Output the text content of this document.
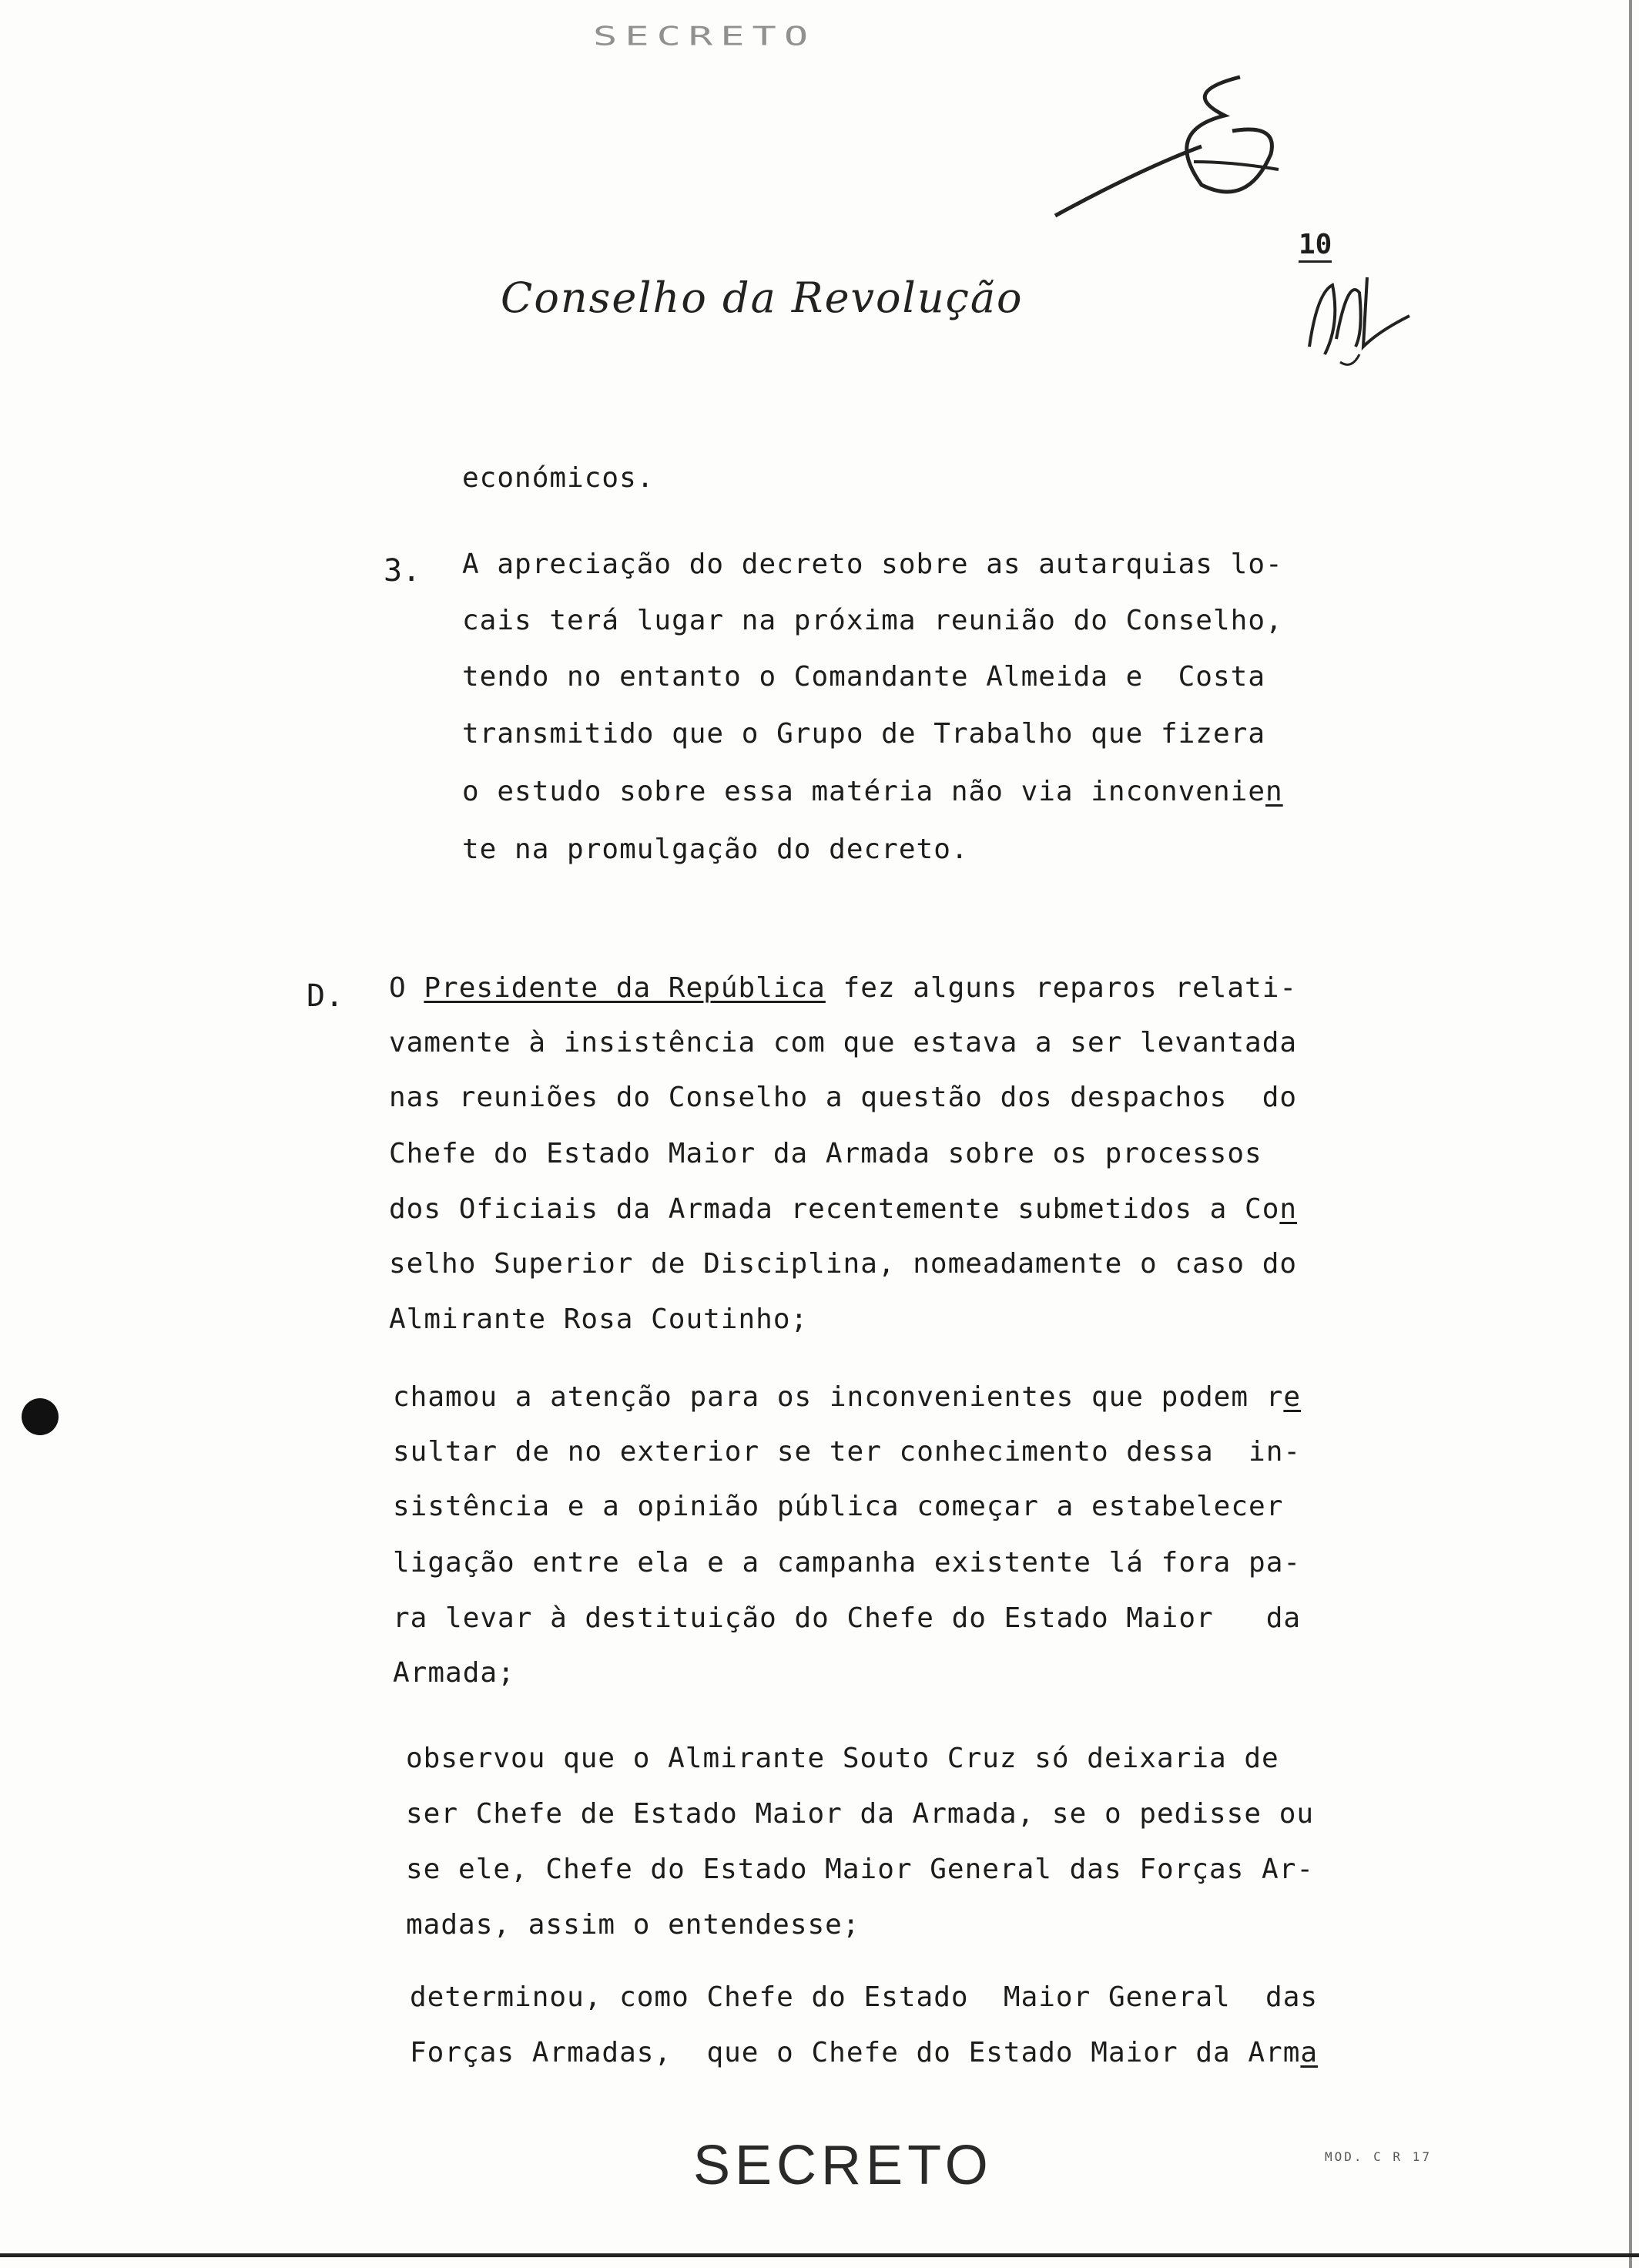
SECRETO
10
Conselho da Revolução
económicos.
3. A apreciação do decreto sobre as autarquias lo-
cais terá lugar na próxima reunião do Conselho,
tendo no entanto o Comandante Almeida e  Costa
transmitido que o Grupo de Trabalho que fizera
o estudo sobre essa matéria não via inconvenien
te na promulgação do decreto.
D. O Presidente da República fez alguns reparos relati-
vamente à insistência com que estava a ser levantada
nas reuniões do Conselho a questão dos despachos  do
Chefe do Estado Maior da Armada sobre os processos
dos Oficiais da Armada recentemente submetidos a Con
selho Superior de Disciplina, nomeadamente o caso do
Almirante Rosa Coutinho;
chamou a atenção para os inconvenientes que podem re
sultar de no exterior se ter conhecimento dessa  in-
sistência e a opinião pública começar a estabelecer
ligação entre ela e a campanha existente lá fora pa-
ra levar à destituição do Chefe do Estado Maior   da
Armada;
observou que o Almirante Souto Cruz só deixaria de
ser Chefe de Estado Maior da Armada, se o pedisse ou
se ele, Chefe do Estado Maior General das Forças Ar-
madas, assim o entendesse;
determinou, como Chefe do Estado  Maior General  das
Forças Armadas,  que o Chefe do Estado Maior da Arma
SECRETO	MOD. C R 17
